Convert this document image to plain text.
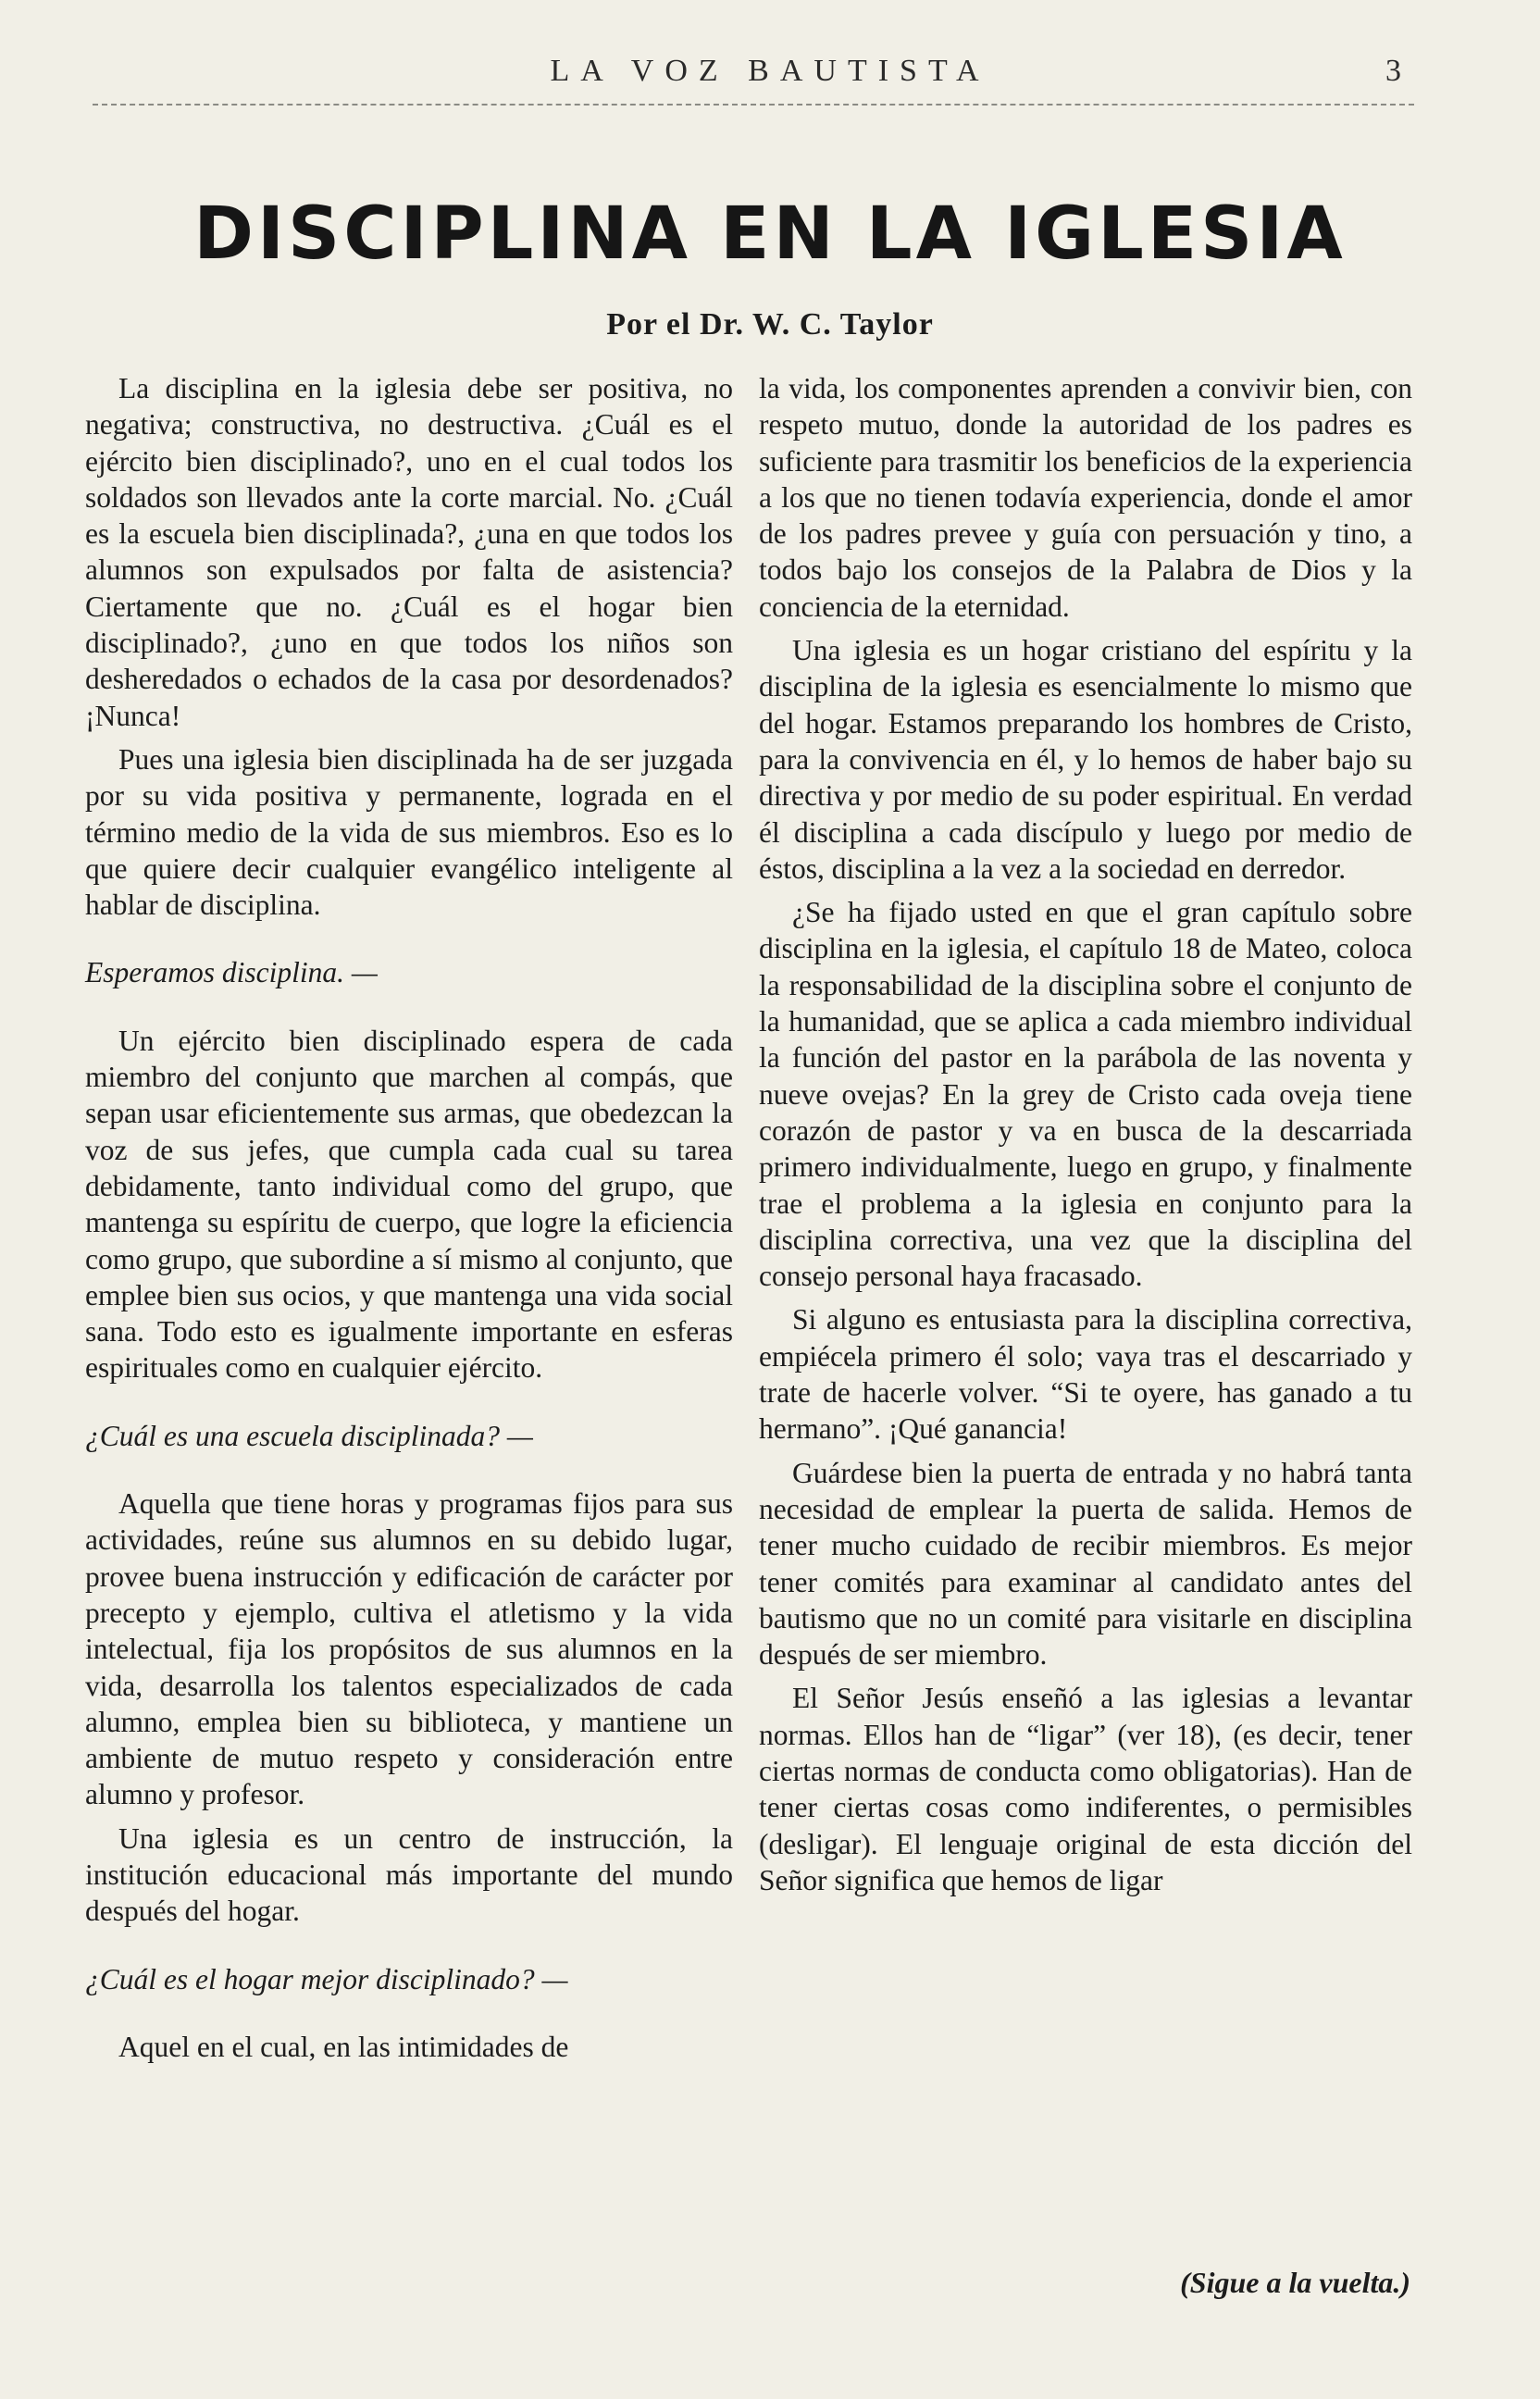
LA VOZ BAUTISTA	3
DISCIPLINA EN LA IGLESIA
Por el Dr. W. C. Taylor

La disciplina en la iglesia debe ser positiva, no negativa; constructiva, no destructiva. ¿Cuál es el ejército bien disciplinado?, uno en el cual todos los soldados son llevados ante la corte marcial. No. ¿Cuál es la escuela bien disciplinada?, ¿una en que todos los alumnos son expulsados por falta de asistencia? Ciertamente que no. ¿Cuál es el hogar bien disciplinado?, ¿uno en que todos los niños son desheredados o echados de la casa por desordenados? ¡Nunca!

Pues una iglesia bien disciplinada ha de ser juzgada por su vida positiva y permanente, lograda en el término medio de la vida de sus miembros. Eso es lo que quiere decir cualquier evangélico inteligente al hablar de disciplina.

Esperamos disciplina. —

Un ejército bien disciplinado espera de cada miembro del conjunto que marchen al compás, que sepan usar eficientemente sus armas, que obedezcan la voz de sus jefes, que cumpla cada cual su tarea debidamente, tanto individual como del grupo, que mantenga su espíritu de cuerpo, que logre la eficiencia como grupo, que subordine a sí mismo al conjunto, que emplee bien sus ocios, y que mantenga una vida social sana. Todo esto es igualmente importante en esferas espirituales como en cualquier ejército.

¿Cuál es una escuela disciplinada? —

Aquella que tiene horas y programas fijos para sus actividades, reúne sus alumnos en su debido lugar, provee buena instrucción y edificación de carácter por precepto y ejemplo, cultiva el atletismo y la vida intelectual, fija los propósitos de sus alumnos en la vida, desarrolla los talentos especializados de cada alumno, emplea bien su biblioteca, y mantiene un ambiente de mutuo respeto y consideración entre alumno y profesor.

Una iglesia es un centro de instrucción, la institución educacional más importante del mundo después del hogar.

¿Cuál es el hogar mejor disciplinado? —

Aquel en el cual, en las intimidades de

la vida, los componentes aprenden a convivir bien, con respeto mutuo, donde la autoridad de los padres es suficiente para trasmitir los beneficios de la experiencia a los que no tienen todavía experiencia, donde el amor de los padres prevee y guía con persuación y tino, a todos bajo los consejos de la Palabra de Dios y la conciencia de la eternidad.

Una iglesia es un hogar cristiano del espíritu y la disciplina de la iglesia es esencialmente lo mismo que del hogar. Estamos preparando los hombres de Cristo, para la convivencia en él, y lo hemos de haber bajo su directiva y por medio de su poder espiritual. En verdad él disciplina a cada discípulo y luego por medio de éstos, disciplina a la vez a la sociedad en derredor.

¿Se ha fijado usted en que el gran capítulo sobre disciplina en la iglesia, el capítulo 18 de Mateo, coloca la responsabilidad de la disciplina sobre el conjunto de la humanidad, que se aplica a cada miembro individual la función del pastor en la parábola de las noventa y nueve ovejas? En la grey de Cristo cada oveja tiene corazón de pastor y va en busca de la descarriada primero individualmente, luego en grupo, y finalmente trae el problema a la iglesia en conjunto para la disciplina correctiva, una vez que la disciplina del consejo personal haya fracasado.

Si alguno es entusiasta para la disciplina correctiva, empiécela primero él solo; vaya tras el descarriado y trate de hacerle volver. “Si te oyere, has ganado a tu hermano”. ¡Qué ganancia!

Guárdese bien la puerta de entrada y no habrá tanta necesidad de emplear la puerta de salida. Hemos de tener mucho cuidado de recibir miembros. Es mejor tener comités para examinar al candidato antes del bautismo que no un comité para visitarle en disciplina después de ser miembro.

El Señor Jesús enseñó a las iglesias a levantar normas. Ellos han de “ligar” (ver 18), (es decir, tener ciertas normas de conducta como obligatorias). Han de tener ciertas cosas como indiferentes, o permisibles (desligar). El lenguaje original de esta dicción del Señor significa que hemos de ligar

(Sigue a la vuelta.)
